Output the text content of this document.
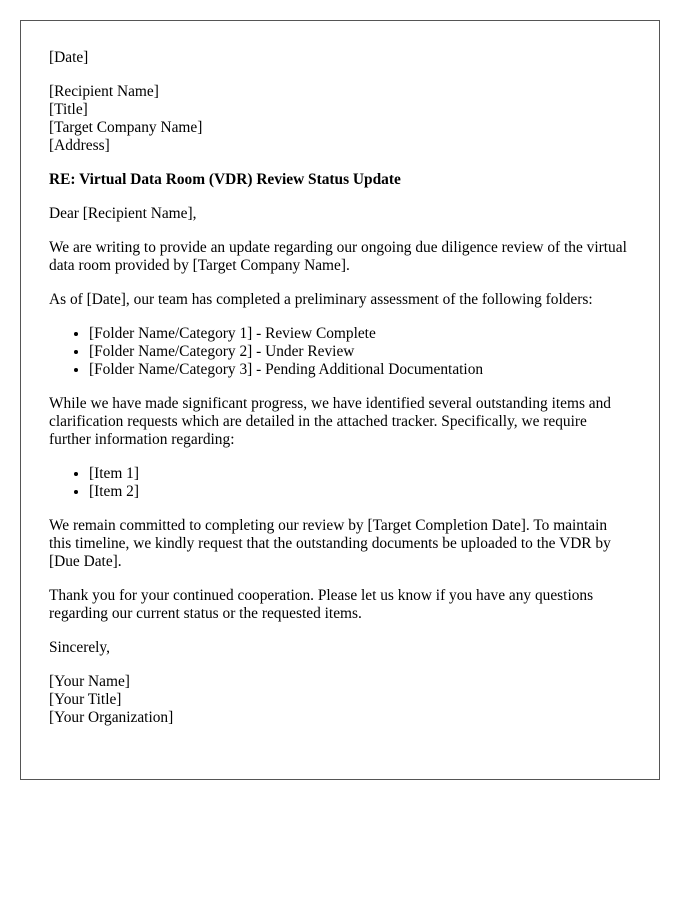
[Date]
[Recipient Name]
[Title]
[Target Company Name]
[Address]
RE: Virtual Data Room (VDR) Review Status Update
Dear [Recipient Name],
We are writing to provide an update regarding our ongoing due diligence review of the virtual data room provided by [Target Company Name].
As of [Date], our team has completed a preliminary assessment of the following folders:
• [Folder Name/Category 1] - Review Complete
• [Folder Name/Category 2] - Under Review
• [Folder Name/Category 3] - Pending Additional Documentation
While we have made significant progress, we have identified several outstanding items and clarification requests which are detailed in the attached tracker. Specifically, we require further information regarding:
• [Item 1]
• [Item 2]
We remain committed to completing our review by [Target Completion Date]. To maintain this timeline, we kindly request that the outstanding documents be uploaded to the VDR by [Due Date].
Thank you for your continued cooperation. Please let us know if you have any questions regarding our current status or the requested items.
Sincerely,
[Your Name]
[Your Title]
[Your Organization]
